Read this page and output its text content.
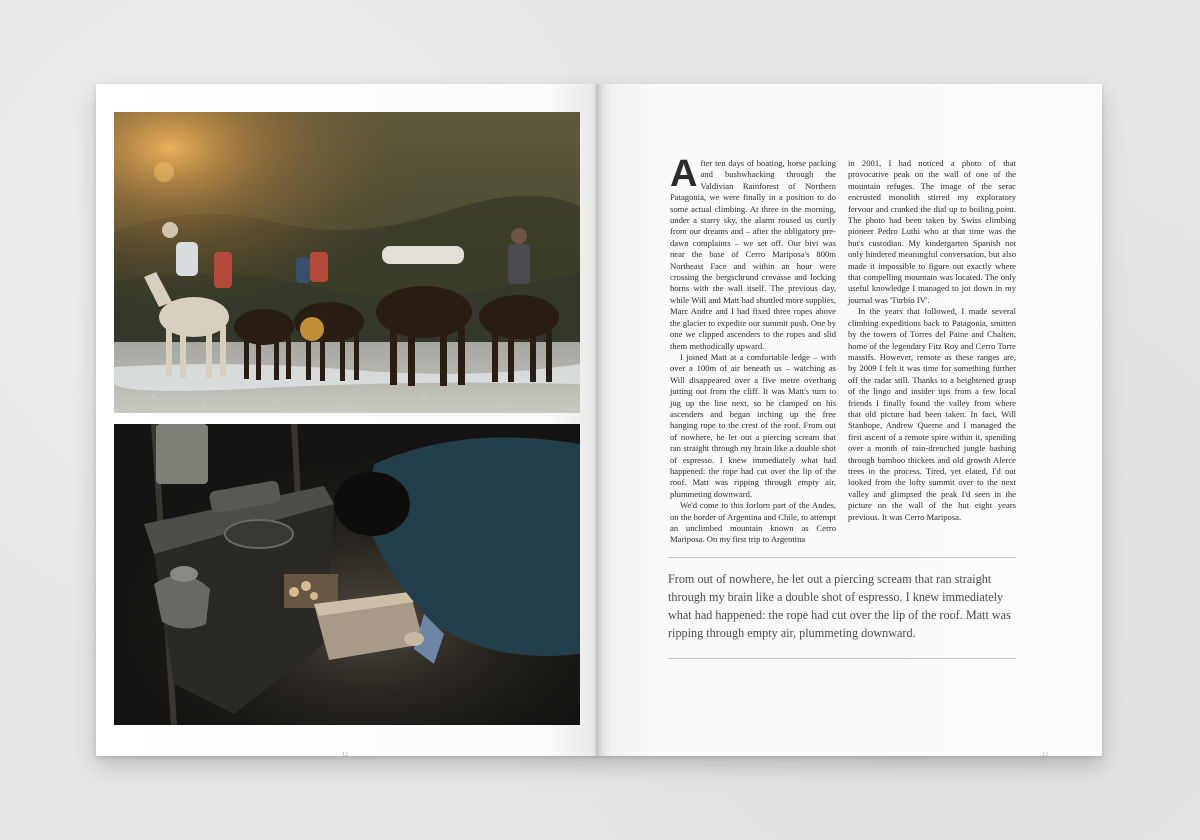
12

After ten days of boating, horse packing and bushwhacking through the Valdivian Rainforest of Northern Patagonia, we were finally in a position to do some actual climbing. At three in the morning, under a starry sky, the alarm roused us curtly from our dreams and – after the obligatory pre-dawn complaints – we set off. Our bivi was near the base of Cerro Mariposa's 800m Northeast Face and within an hour were crossing the bergschrund crevasse and locking horns with the wall itself. The previous day, while Will and Matt had shuttled more supplies, Marc Andre and I had fixed three ropes above the glacier to expedite our summit push. One by one we clipped ascenders to the ropes and slid them methodically upward.

I joined Matt at a comfortable ledge – with over a 100m of air beneath us – watching as Will disappeared over a five metre overhang jutting out from the cliff. It was Matt's turn to jug up the line next, so he clamped on his ascenders and began inching up the free hanging rope to the crest of the roof. From out of nowhere, he let out a piercing scream that ran straight through my brain like a double shot of espresso. I knew immediately what had happened: the rope had cut over the lip of the roof. Matt was ripping through empty air, plummeting downward.

We'd come to this forlorn part of the Andes, on the border of Argentina and Chile, to attempt an unclimbed mountain known as Cerro Mariposa. On my first trip to Argentina

in 2001, I had noticed a photo of that provocative peak on the wall of one of the mountain refuges. The image of the serac encrusted monolith stirred my exploratory fervour and cranked the dial up to boiling point. The photo had been taken by Swiss climbing pioneer Pedro Luthi who at that time was the hut's custodian. My kindergarten Spanish not only hindered meaningful conversation, but also made it impossible to figure out exactly where that compelling mountain was located. The only useful knowledge I managed to jot down in my journal was 'Turbio IV'.

In the years that followed, I made several climbing expeditions back to Patagonia, smitten by the towers of Torres del Paine and Chalten, home of the legendary Fitz Roy and Cerro Torre massifs. However, remote as these ranges are, by 2009 I felt it was time for something further off the radar still. Thanks to a heightened grasp of the lingo and insider tips from a few local friends I finally found the valley from where that old picture had been taken. In fact, Will Stanhope, Andrew Querne and I managed the first ascent of a remote spire within it, spending over a month of rain-drenched jungle bashing through bamboo thickets and old growth Alerce trees in the process. Tired, yet elated, I'd out looked from the lofty summit over to the next valley and glimpsed the peak I'd seen in the picture on the wall of the hut eight years previous. It was Cerro Mariposa.

From out of nowhere, he let out a piercing scream that ran straight through my brain like a double shot of espresso. I knew immediately what had happened: the rope had cut over the lip of the roof. Matt was ripping through empty air, plummeting downward.

13
